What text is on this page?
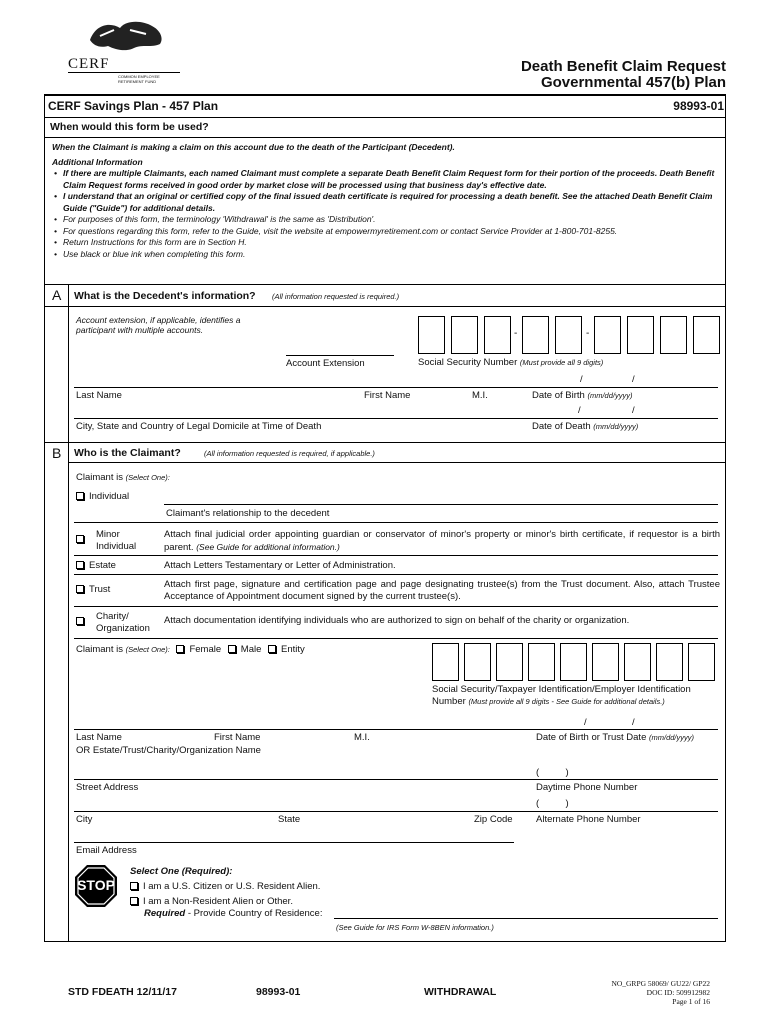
CERF
COMMON EMPLOYEE RETIREMENT FUND
Death Benefit Claim Request
Governmental 457(b) Plan
CERF Savings Plan - 457 Plan	98993-01
When would this form be used?
When the Claimant is making a claim on this account due to the death of the Participant (Decedent).
Additional Information
• If there are multiple Claimants, each named Claimant must complete a separate Death Benefit Claim Request form for their portion of the proceeds. Death Benefit Claim Request forms received in good order by market close will be processed using that business day's effective date.
• I understand that an original or certified copy of the final issued death certificate is required for processing a death benefit. See the attached Death Benefit Claim Guide ("Guide") for additional details.
• For purposes of this form, the terminology 'Withdrawal' is the same as 'Distribution'.
• For questions regarding this form, refer to the Guide, visit the website at empowermyretirement.com or contact Service Provider at 1-800-701-8255.
• Return Instructions for this form are in Section H.
• Use black or blue ink when completing this form.
A What is the Decedent's information? (All information requested is required.)
Account extension, if applicable, identifies a participant with multiple accounts.
Account Extension
-	-
Social Security Number (Must provide all 9 digits)
/	/
Last Name	First Name	M.I.	Date of Birth (mm/dd/yyyy)
/	/
City, State and Country of Legal Domicile at Time of Death	Date of Death (mm/dd/yyyy)
B Who is the Claimant?	(All information requested is required, if applicable.)
Claimant is (Select One):
Individual
Claimant's relationship to the decedent
Minor Individual
Attach final judicial order appointing guardian or conservator of minor's property or minor's birth certificate, if requestor is a birth parent. (See Guide for additional information.)
Estate	Attach Letters Testamentary or Letter of Administration.
Trust	Attach first page, signature and certification page and page designating trustee(s) from the Trust document. Also, attach Trustee Acceptance of Appointment document signed by the current trustee(s).
Charity/ Organization
Attach documentation identifying individuals who are authorized to sign on behalf of the charity or organization.
Claimant is (Select One): Female Male Entity
Social Security/Taxpayer Identification/Employer Identification Number (Must provide all 9 digits - See Guide for additional details.)
/	/
Last Name	First Name	M.I.	Date of Birth or Trust Date (mm/dd/yyyy)
OR Estate/Trust/Charity/Organization Name
(          )
Street Address	Daytime Phone Number
(          )
City	State	Zip Code Alternate Phone Number
Email Address
STOP
Select One (Required):
I am a U.S. Citizen or U.S. Resident Alien.
I am a Non-Resident Alien or Other.
Required - Provide Country of Residence:
(See Guide for IRS Form W-8BEN information.)
STD FDEATH 12/11/17	98993-01	WITHDRAWAL
NO_GRPG 58069/ GU22/ GP22
DOC ID: 509912982
Page 1 of 16
